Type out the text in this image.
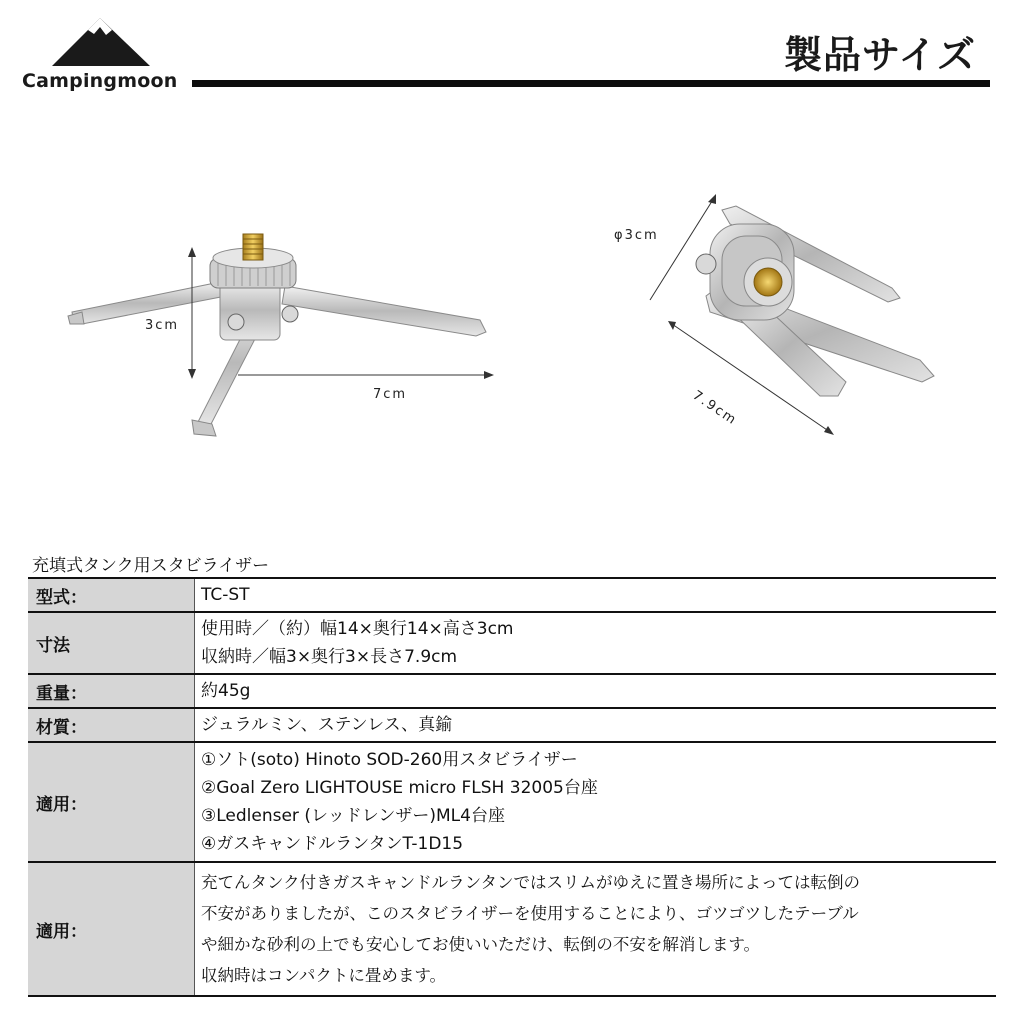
Campingmoon
製品サイズ
3cm
7cm
φ3cm
7.9cm
充填式タンク用スタビライザー
型式：	TC-ST

寸法	使用時／（約）幅14×奥行14×高さ3cm
収納時／幅3×奥行3×長さ7.9cm

重量：	約45g

材質：	ジュラルミン、ステンレス、真鍮

適用：	①ソト(soto) Hinoto SOD-260用スタビライザー
②Goal Zero LIGHTOUSE micro FLSH 32005台座
③Ledlenser (レッドレンザー)ML4台座
④ガスキャンドルランタンT-1D15

適用：	充てんタンク付きガスキャンドルランタンではスリムがゆえに置き場所によっては転倒の
不安がありましたが、このスタビライザーを使用することにより、ゴツゴツしたテーブル
や細かな砂利の上でも安心してお使いいただけ、転倒の不安を解消します。
収納時はコンパクトに畳めます。
